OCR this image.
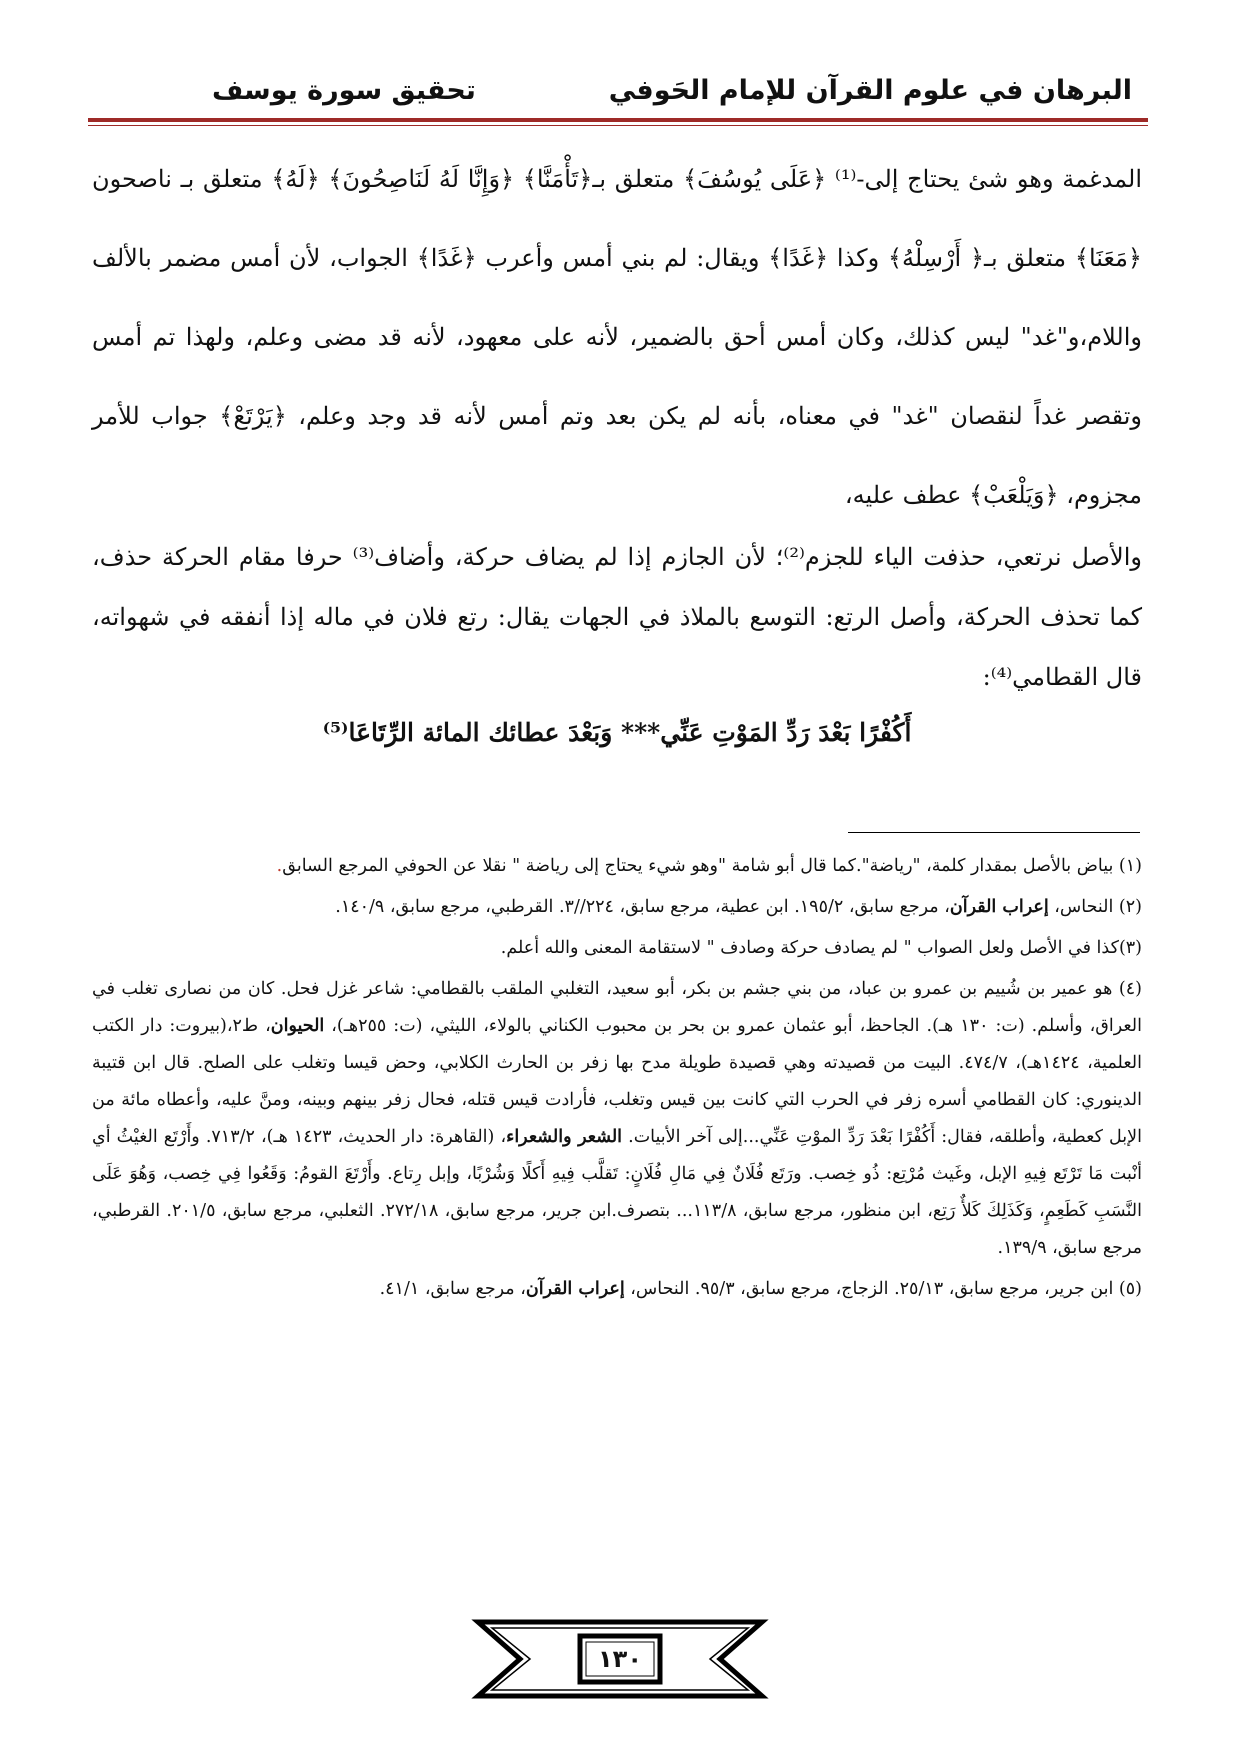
البرهان في علوم القرآن للإمام الحَوفي
تحقيق سورة يوسف

المدغمة وهو شئ يحتاج إلى-⁽¹⁾ ﴿عَلَى يُوسُفَ﴾ متعلق بـ﴿تَأْمَنَّا﴾ ﴿وَإِنَّا لَهُ لَنَاصِحُونَ﴾ ﴿لَهُ﴾ متعلق بـ ناصحون ﴿مَعَنَا﴾ متعلق بـ﴿ أَرْسِلْهُ﴾ وكذا ﴿غَدًا﴾ ويقال: لم بني أمس وأعرب ﴿غَدًا﴾ الجواب، لأن أمس مضمر بالألف واللام،و"غد" ليس كذلك، وكان أمس أحق بالضمير، لأنه على معهود، لأنه قد مضى وعلم، ولهذا تم أمس وتقصر غداً لنقصان "غد" في معناه، بأنه لم يكن بعد وتم أمس لأنه قد وجد وعلم، ﴿يَرْتَعْ﴾ جواب للأمر مجزوم، ﴿وَيَلْعَبْ﴾ عطف عليه،

والأصل نرتعي، حذفت الياء للجزم⁽²⁾؛ لأن الجازم إذا لم يضاف حركة، وأضاف⁽³⁾ حرفا مقام الحركة حذف، كما تحذف الحركة، وأصل الرتع: التوسع بالملاذ في الجهات يقال: رتع فلان في ماله إذا أنفقه في شهواته، قال القطامي⁽⁴⁾:

أَكُفْرًا بَعْدَ رَدِّ المَوْتِ عَنِّي*** وَبَعْدَ عطائك المائة الرِّتَاعَا⁽⁵⁾

(١) بياض بالأصل بمقدار كلمة، "رياضة".كما قال أبو شامة "وهو شيء يحتاج إلى رياضة " نقلا عن الحوفي المرجع السابق.

(٢) النحاس، إعراب القرآن، مرجع سابق، ١٩٥/٢. ابن عطية، مرجع سابق، ٢٢٤//٣. القرطبي، مرجع سابق، ١٤٠/٩.

(٣)كذا في الأصل ولعل الصواب " لم يصادف حركة وصادف " لاستقامة المعنى والله أعلم.

(٤) هو عمير بن شُييم بن عمرو بن عباد، من بني جشم بن بكر، أبو سعيد، التغلبي الملقب بالقطامي: شاعر غزل فحل. كان من نصارى تغلب في العراق، وأسلم. (ت: ١٣٠ هـ). الجاحظ، أبو عثمان عمرو بن بحر بن محبوب الكناني بالولاء، الليثي، (ت: ٢٥٥هـ)، الحيوان، ط٢،(بيروت: دار الكتب العلمية، ١٤٢٤هـ)، ٤٧٤/٧. البيت من قصيدته وهي قصيدة طويلة مدح بها زفر بن الحارث الكلابي، وحض قيسا وتغلب على الصلح. قال ابن قتيبة الدينوري: كان القطامي أسره زفر في الحرب التي كانت بين قيس وتغلب، فأرادت قيس قتله، فحال زفر بينهم وبينه، ومنَّ عليه، وأعطاه مائة من الإبل كعطية، وأطلقه، فقال: أَكُفْرًا بَعْدَ رَدِّ الموْتِ عَنِّي...إلى آخر الأبيات. الشعر والشعراء، (القاهرة: دار الحديث، ١٤٢٣ هـ)، ٧١٣/٢. وأَرْتَع الغيْثُ أي أنْبت مَا تَرْتَع فِيهِ الإبل، وغَيث مُرْتِع: ذُو خِصب. ورَتَع فُلَانٌ فِي مَالِ فُلَانٍ: تَقلَّب فِيهِ أَكلًا وَشُرْبًا، وإبل رِتاع. وأَرْتَعَ القومُ: وَقَعُوا فِي خِصب، وَهُوَ عَلَى النَّسَبِ كَطَعِمٍ، وَكَذَلِكَ كَلأٌ رَتِع، ابن منظور، مرجع سابق، ١١٣/٨... بتصرف.ابن جرير، مرجع سابق، ٢٧٢/١٨. الثعلبي، مرجع سابق، ٢٠١/٥. القرطبي، مرجع سابق، ١٣٩/٩.

(٥) ابن جرير، مرجع سابق، ٢٥/١٣. الزجاج، مرجع سابق، ٩٥/٣. النحاس، إعراب القرآن، مرجع سابق، ٤١/١.

١٣٠
